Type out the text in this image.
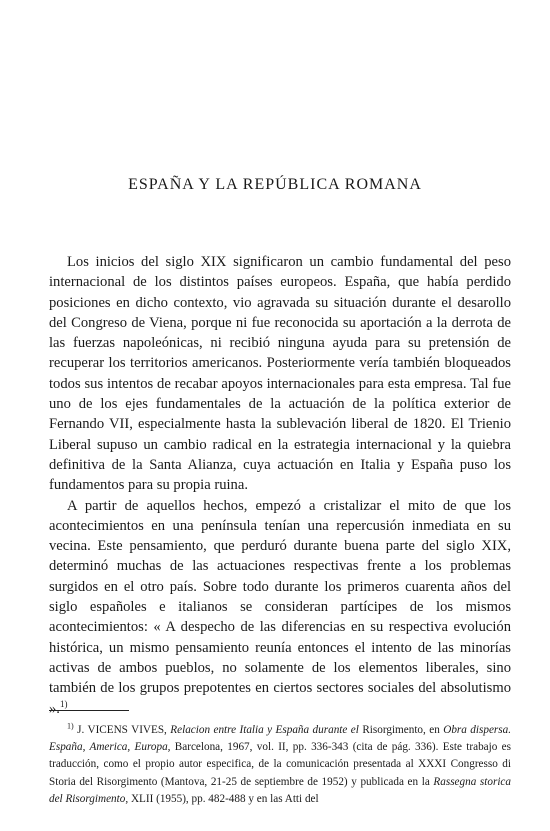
ESPAÑA Y LA REPÚBLICA ROMANA

Los inicios del siglo XIX significaron un cambio fundamental del peso internacional de los distintos países europeos. España, que había perdido posiciones en dicho contexto, vio agravada su situación durante el desarollo del Congreso de Viena, porque ni fue reconocida su aportación a la derrota de las fuerzas napoleónicas, ni recibió ninguna ayuda para su pretensión de recuperar los territorios americanos. Posteriormente vería también bloqueados todos sus intentos de recabar apoyos internacionales para esta empresa. Tal fue uno de los ejes fundamentales de la actuación de la política exterior de Fernando VII, especialmente hasta la sublevación liberal de 1820. El Trienio Liberal supuso un cambio radical en la estrategia internacional y la quiebra definitiva de la Santa Alianza, cuya actuación en Italia y España puso los fundamentos para su propia ruina.

A partir de aquellos hechos, empezó a cristalizar el mito de que los acontecimientos en una península tenían una repercusión inmediata en su vecina. Este pensamiento, que perduró durante buena parte del siglo XIX, determinó muchas de las actuaciones respectivas frente a los problemas surgidos en el otro país. Sobre todo durante los primeros cuarenta años del siglo españoles e italianos se consideran partícipes de los mismos acontecimientos: « A despecho de las diferencias en su respectiva evolución histórica, un mismo pensamiento reunía entonces el intento de las minorías activas de ambos pueblos, no solamente de los elementos liberales, sino también de los grupos prepotentes en ciertos sectores sociales del absolutismo ».$^{1)}$

$^{1)}$ J. VICENS VIVES, Relacion entre Italia y España durante el Risorgimento, en Obra dispersa. España, America, Europa, Barcelona, 1967, vol. II, pp. 336-343 (cita de pág. 336). Este trabajo es traducción, como el propio autor especifica, de la comunicación presentada al XXXI Congresso di Storia del Risorgimento (Mantova, 21-25 de septiembre de 1952) y publicada en la Rassegna storica del Risorgimento, XLII (1955), pp. 482-488 y en las Atti del
